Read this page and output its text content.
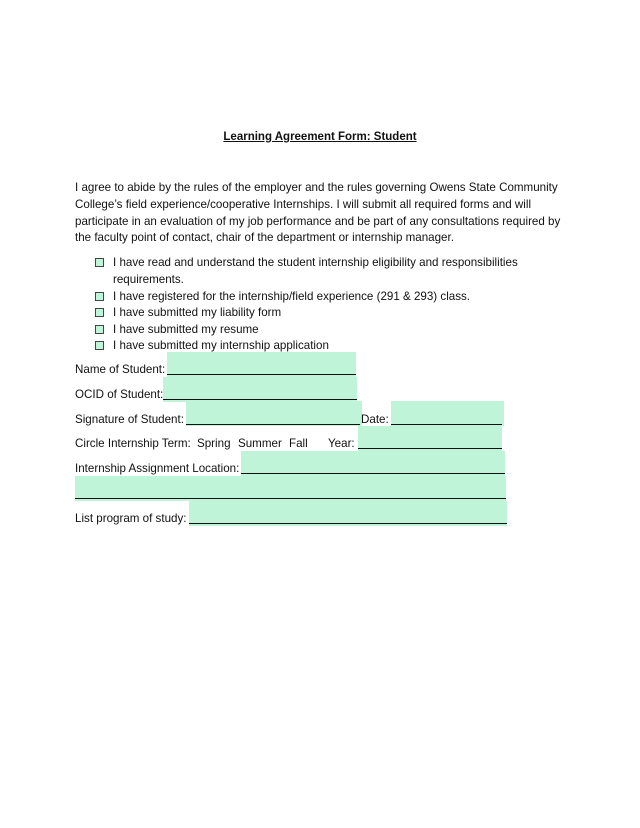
Learning Agreement Form: Student
I agree to abide by the rules of the employer and the rules governing Owens State Community College’s field experience/cooperative Internships. I will submit all required forms and will participate in an evaluation of my job performance and be part of any consultations required by the faculty point of contact, chair of the department or internship manager.
I have read and understand the student internship eligibility and responsibilities requirements.
I have registered for the internship/field experience (291 & 293) class.
I have submitted my liability form
I have submitted my resume
I have submitted my internship application
Name of Student:
OCID of Student:
Signature of Student:	Date:
Circle Internship Term: Spring Summer Fall Year:
Internship Assignment Location:
List program of study:
